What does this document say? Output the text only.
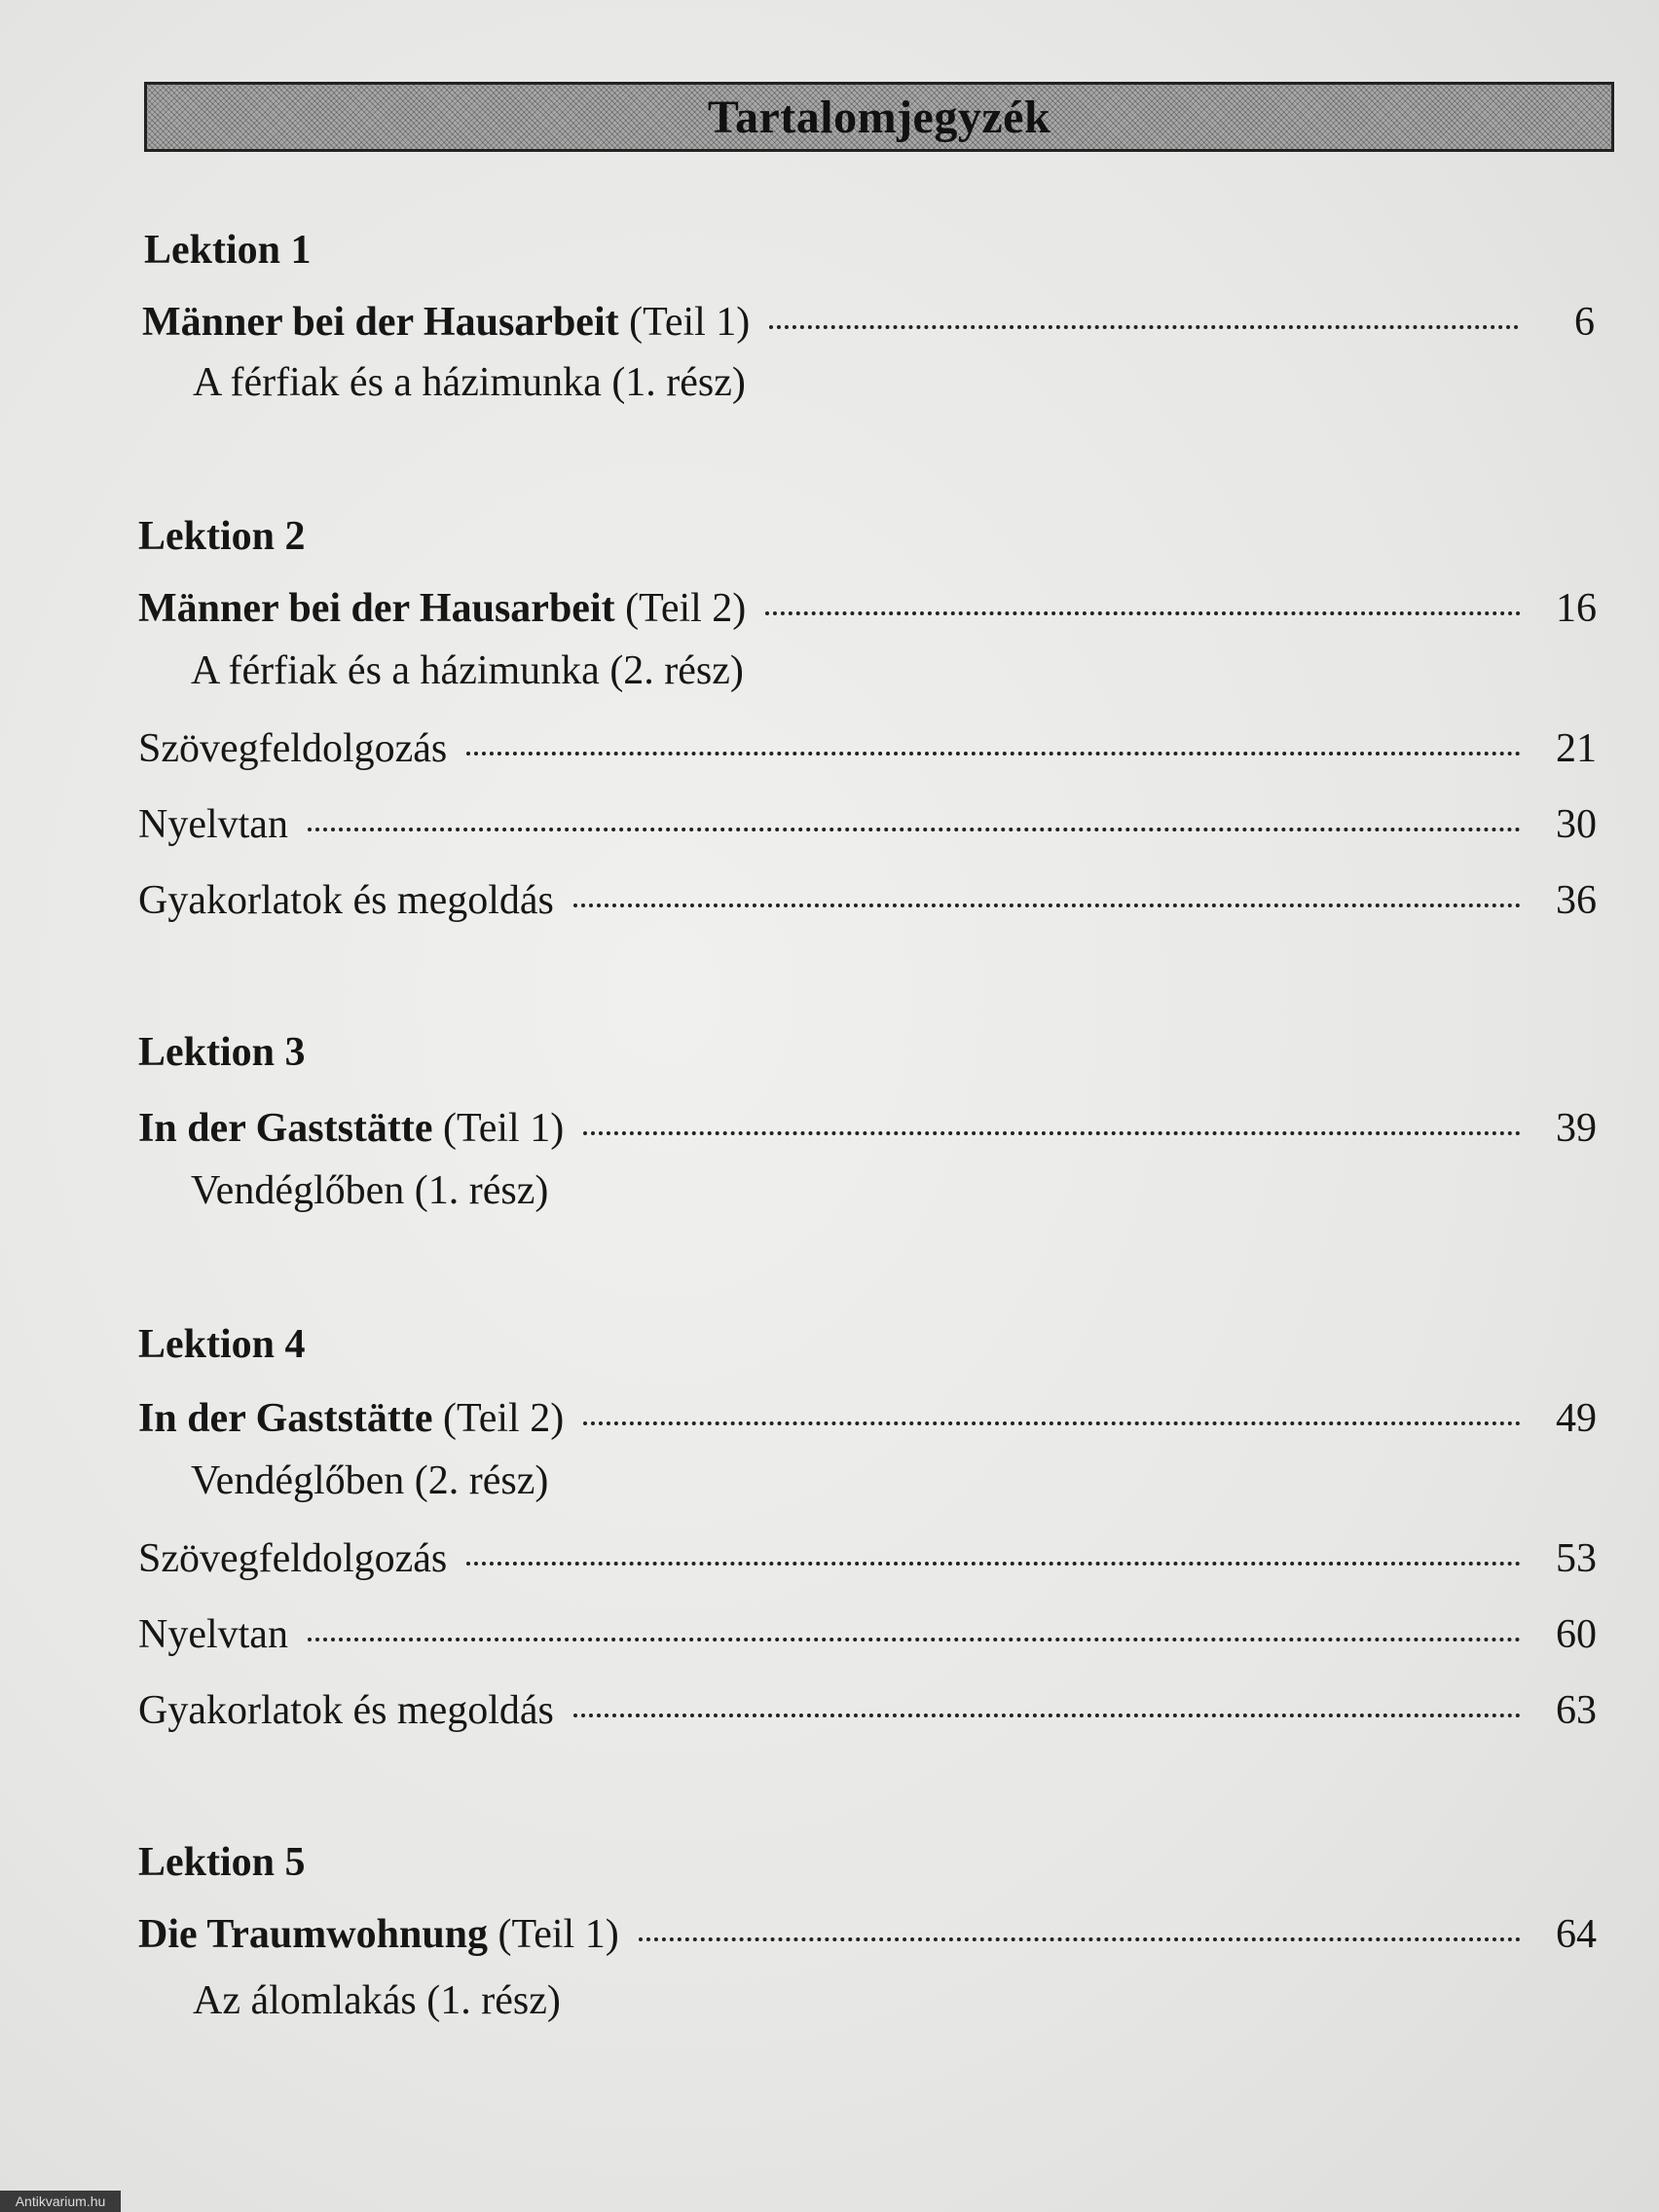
Tartalomjegyzék
Lektion 1
Männer bei der Hausarbeit (Teil 1)	6
A férfiak és a házimunka (1. rész)
Lektion 2
Männer bei der Hausarbeit (Teil 2)	16
A férfiak és a házimunka (2. rész)
Szövegfeldolgozás	21
Nyelvtan	30
Gyakorlatok és megoldás	36
Lektion 3
In der Gaststätte (Teil 1)	39
Vendéglőben (1. rész)
Lektion 4
In der Gaststätte (Teil 2)	49
Vendéglőben (2. rész)
Szövegfeldolgozás	53
Nyelvtan	60
Gyakorlatok és megoldás	63
Lektion 5
Die Traumwohnung (Teil 1)	64
Az álomlakás (1. rész)
Antikvarium.hu
